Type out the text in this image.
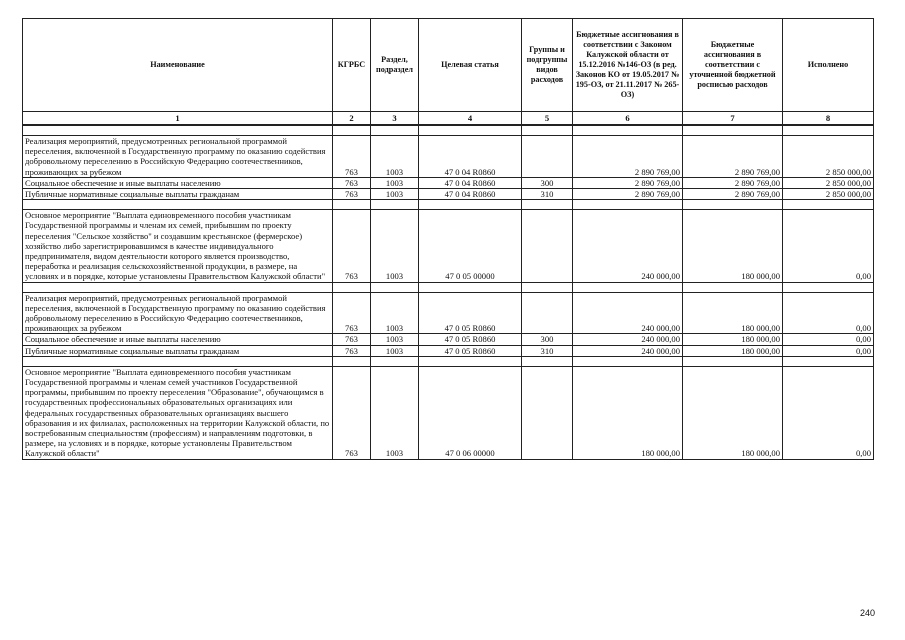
Наименование	КГРБС	Раздел, подраздел	Целевая статья	Группы и подгруппы видов расходов	Бюджетные ассигнования в соответствии с Законом Калужской области от 15.12.2016 №146-ОЗ (в ред. Законов КО от 19.05.2017 № 195-ОЗ, от 21.11.2017 № 265-ОЗ)	Бюджетные ассигнования в соответствии с уточненной бюджетной росписью расходов	Исполнено
1	2	3	4	5	6	7	8

Реализация мероприятий, предусмотренных региональной программой переселения, включенной в Государственную программу по оказанию содействия добровольному переселению в Российскую Федерацию соотечественников, проживающих за рубежом	763	1003	47 0 04 R0860		2 890 769,00	2 890 769,00	2 850 000,00
Социальное обеспечение и иные выплаты населению	763	1003	47 0 04 R0860	300	2 890 769,00	2 890 769,00	2 850 000,00
Публичные нормативные социальные выплаты гражданам	763	1003	47 0 04 R0860	310	2 890 769,00	2 890 769,00	2 850 000,00

Основное мероприятие "Выплата единовременного пособия участникам Государственной программы и членам их семей, прибывшим по проекту переселения "Сельское хозяйство" и создавшим крестьянское (фермерское) хозяйство либо зарегистрировавшимся в качестве индивидуального предпринимателя, видом деятельности которого является производство, переработка и реализация сельскохозяйственной продукции, в размере, на условиях и в порядке, которые установлены Правительством Калужской области"	763	1003	47 0 05 00000		240 000,00	180 000,00	0,00

Реализация мероприятий, предусмотренных региональной программой переселения, включенной в Государственную программу по оказанию содействия добровольному переселению в Российскую Федерацию соотечественников, проживающих за рубежом	763	1003	47 0 05 R0860		240 000,00	180 000,00	0,00
Социальное обеспечение и иные выплаты населению	763	1003	47 0 05 R0860	300	240 000,00	180 000,00	0,00
Публичные нормативные социальные выплаты гражданам	763	1003	47 0 05 R0860	310	240 000,00	180 000,00	0,00

Основное мероприятие "Выплата единовременного пособия участникам Государственной программы и членам семей участников Государственной программы, прибывшим по проекту переселения "Образование", обучающимся в государственных профессиональных образовательных организациях или федеральных государственных образовательных организациях высшего образования и их филиалах, расположенных на территории Калужской области, по востребованным специальностям (профессиям) и направлениям подготовки, в размере, на условиях и в порядке, которые установлены Правительством Калужской области"	763	1003	47 0 06 00000		180 000,00	180 000,00	0,00
240
